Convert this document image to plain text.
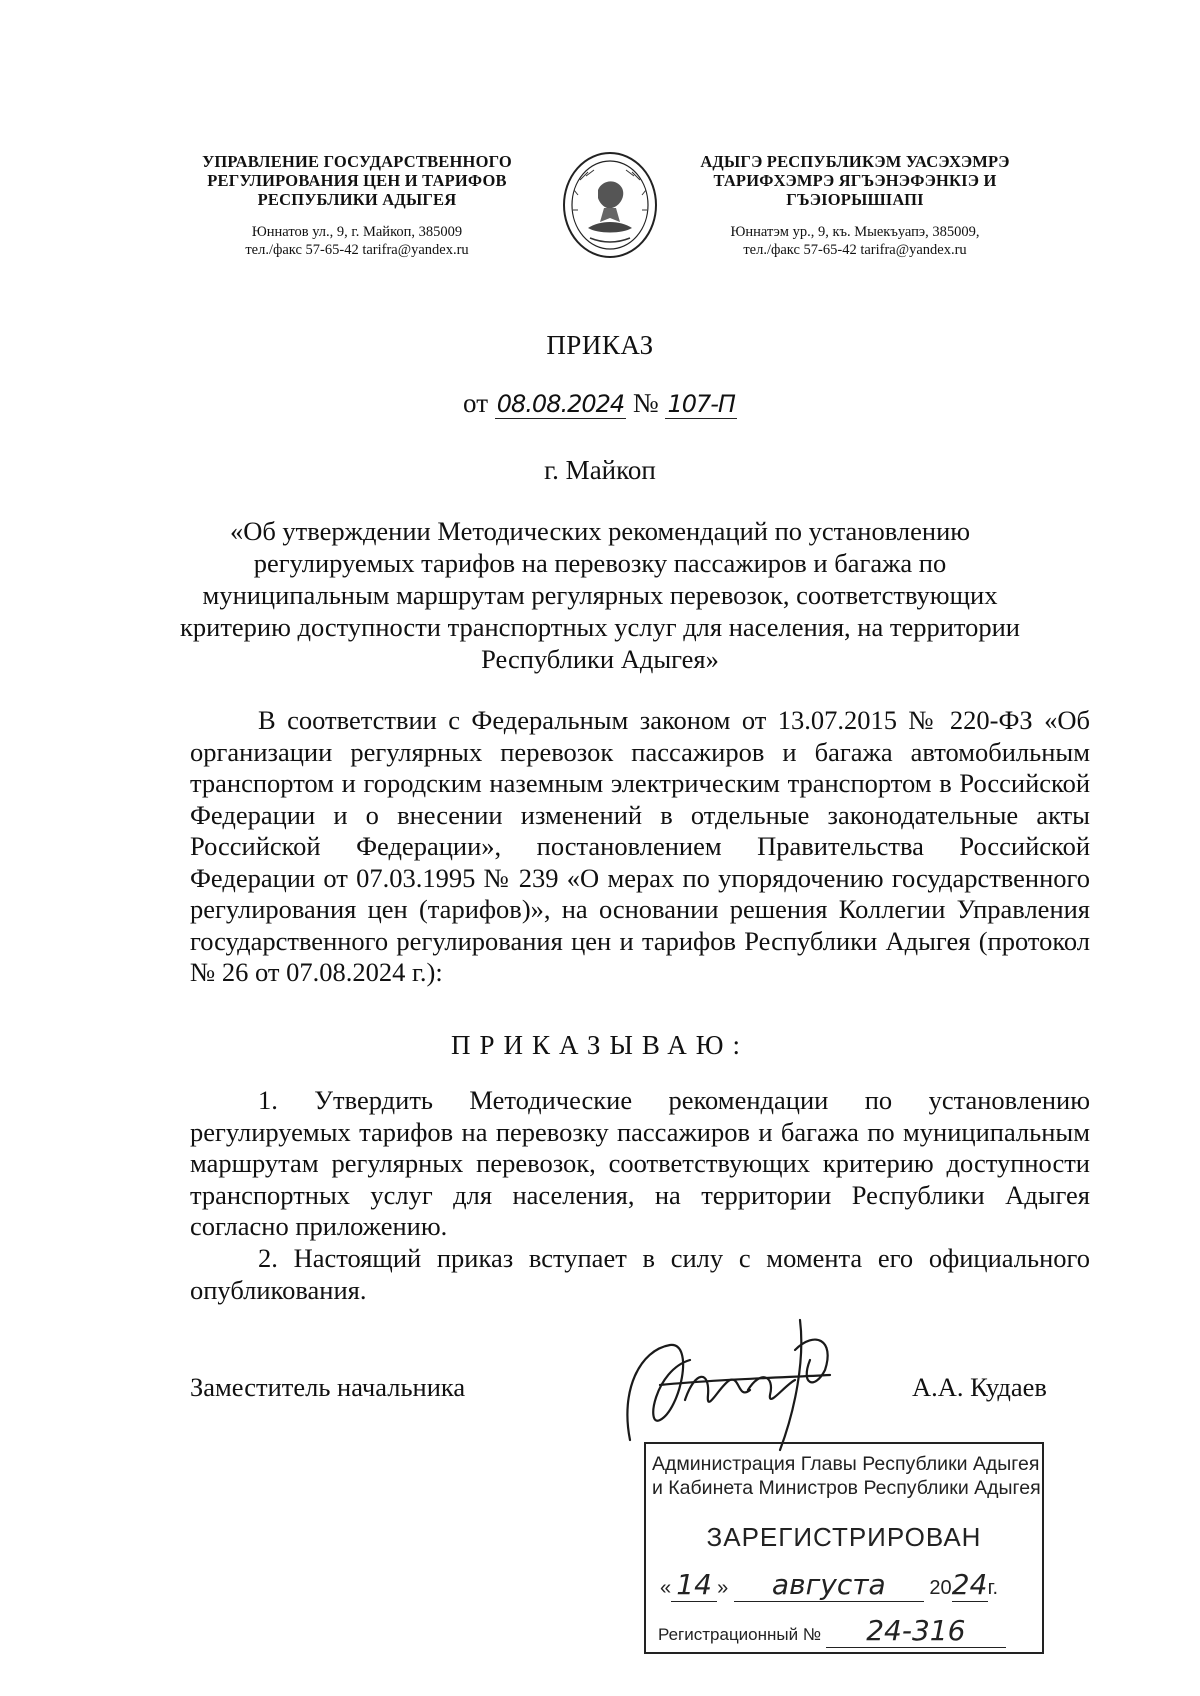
УПРАВЛЕНИЕ ГОСУДАРСТВЕННОГО
РЕГУЛИРОВАНИЯ ЦЕН И ТАРИФОВ
РЕСПУБЛИКИ АДЫГЕЯ
Юннатов ул., 9, г. Майкоп, 385009
тел./факс 57-65-42 tarifra@yandex.ru
АДЫГЭ РЕСПУБЛИКЭМ УАСЭХЭМРЭ
ТАРИФХЭМРЭ ЯГЪЭНЭФЭНКIЭ И
ГЪЭIОРЫШIАПI
Юннатэм ур., 9, къ. Мыекъуапэ, 385009,
тел./факс 57-65-42 tarifra@yandex.ru
ПРИКАЗ
от 08.08.2024 № 107-П
г. Майкоп
«Об утверждении Методических рекомендаций по установлению
регулируемых тарифов на перевозку пассажиров и багажа по
муниципальным маршрутам регулярных перевозок, соответствующих
критерию доступности транспортных услуг для населения, на территории
Республики Адыгея»
В соответствии с Федеральным законом от 13.07.2015 № 220-ФЗ «Об организации регулярных перевозок пассажиров и багажа автомобильным транспортом и городским наземным электрическим транспортом в Российской Федерации и о внесении изменений в отдельные законодательные акты Российской Федерации», постановлением Правительства Российской Федерации от 07.03.1995 № 239 «О мерах по упорядочению государственного регулирования цен (тарифов)», на основании решения Коллегии Управления государственного регулирования цен и тарифов Республики Адыгея (протокол № 26 от 07.08.2024 г.):
ПРИКАЗЫВАЮ:
1. Утвердить Методические рекомендации по установлению регулируемых тарифов на перевозку пассажиров и багажа по муниципальным маршрутам регулярных перевозок, соответствующих критерию доступности транспортных услуг для населения, на территории Республики Адыгея согласно приложению.
2. Настоящий приказ вступает в силу с момента его официального опубликования.
Заместитель начальника	А.А. Кудаев
Администрация Главы Республики Адыгея
и Кабинета Министров Республики Адыгея
ЗАРЕГИСТРИРОВАН
« 14 » августа 2024г.
Регистрационный № 24-316
